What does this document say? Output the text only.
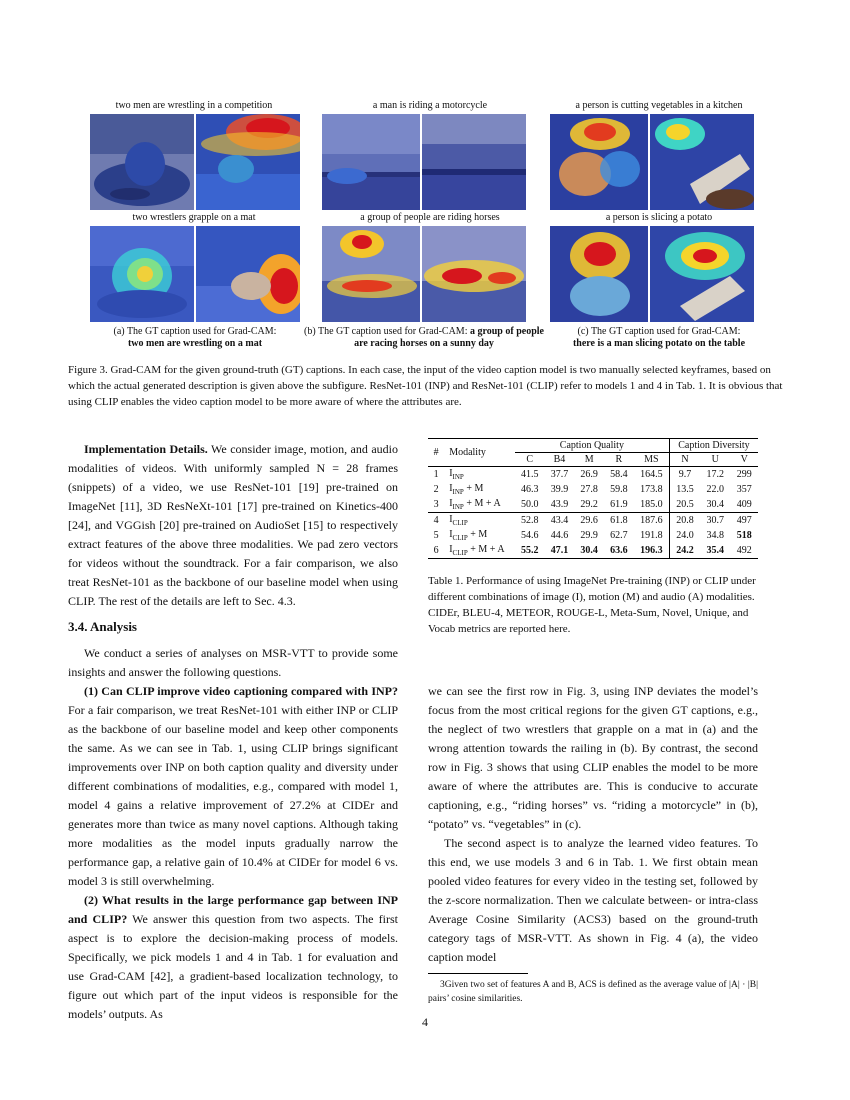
two men are wrestling in a competition	a man is riding a motorcycle	a person is cutting vegetables in a kitchen
two wrestlers grapple on a mat	a group of people are riding horses	a person is slicing a potato
(a) The GT caption used for Grad-CAM:
two men are wrestling on a mat
(b) The GT caption used for Grad-CAM: a group of people are racing horses on a sunny day
(c) The GT caption used for Grad-CAM:
there is a man slicing potato on the table
Figure 3. Grad-CAM for the given ground-truth (GT) captions. In each case, the input of the video caption model is two manually selected keyframes, based on which the actual generated description is given above the subfigure. ResNet-101 (INP) and ResNet-101 (CLIP) refer to models 1 and 4 in Tab. 1. It is obvious that using CLIP enables the video caption model to be more aware of where the attributes are.

Implementation Details. We consider image, motion, and audio modalities of videos. With uniformly sampled N = 28 frames (snippets) of a video, we use ResNet-101 [19] pre-trained on ImageNet [11], 3D ResNeXt-101 [17] pre-trained on Kinetics-400 [24], and VGGish [20] pre-trained on AudioSet [15] to respectively extract features of the above three modalities. We pad zero vectors for videos without the soundtrack. For a fair comparison, we also treat ResNet-101 as the backbone of our baseline model when using CLIP. The rest of the details are left to Sec. 4.3.

3.4. Analysis

We conduct a series of analyses on MSR-VTT to provide some insights and answer the following questions.

(1) Can CLIP improve video captioning compared with INP? For a fair comparison, we treat ResNet-101 with either INP or CLIP as the backbone of our baseline model and keep other components the same. As we can see in Tab. 1, using CLIP brings significant improvements over INP on both caption quality and diversity under different combinations of modalities, e.g., compared with model 1, model 4 gains a relative improvement of 27.2% at CIDEr and generates more than twice as many novel captions. Although taking more modalities as the model inputs gradually narrow the performance gap, a relative gain of 10.4% at CIDEr for model 6 vs. model 3 is still overwhelming.

(2) What results in the large performance gap between INP and CLIP? We answer this question from two aspects. The first aspect is to explore the decision-making process of models. Specifically, we pick models 1 and 4 in Tab. 1 for evaluation and use Grad-CAM [42], a gradient-based localization technology, to figure out which part of the input videos is responsible for the models’ outputs. As

#	Modality	Caption Quality					Caption Diversity		
		C	B4	M	R	MS	N	U	V
1	$I_{INP}$	41.5	37.7	26.9	58.4	164.5	9.7	17.2	299
2	$I_{INP} + M$	46.3	39.9	27.8	59.8	173.8	13.5	22.0	357
3	$I_{INP} + M + A$	50.0	43.9	29.2	61.9	185.0	20.5	30.4	409
4	$I_{CLIP}$	52.8	43.4	29.6	61.8	187.6	20.8	30.7	497
5	$I_{CLIP} + M$	54.6	44.6	29.9	62.7	191.8	24.0	34.8	518
6	$I_{CLIP} + M + A$	55.2	47.1	30.4	63.6	196.3	24.2	35.4	492
Table 1. Performance of using ImageNet Pre-training (INP) or CLIP under different combinations of image (I), motion (M) and audio (A) modalities. CIDEr, BLEU-4, METEOR, ROUGE-L, Meta-Sum, Novel, Unique, and Vocab metrics are reported here.

we can see the first row in Fig. 3, using INP deviates the model’s focus from the most critical regions for the given GT captions, e.g., the neglect of two wrestlers that grapple on a mat in (a) and the wrong attention towards the railing in (b). By contrast, the second row in Fig. 3 shows that using CLIP enables the model to be more aware of where the attributes are. This is conducive to accurate captioning, e.g., “riding horses” vs. “riding a motorcycle” in (b), “potato” vs. “vegetables” in (c).

The second aspect is to analyze the learned video features. To this end, we use models 3 and 6 in Tab. 1. We first obtain mean pooled video features for every video in the testing set, followed by the z-score normalization. Then we calculate between- or intra-class Average Cosine Similarity (ACS3) based on the ground-truth category tags of MSR-VTT. As shown in Fig. 4 (a), the video caption model

3Given two set of features A and B, ACS is defined as the average value of |A| · |B| pairs’ cosine similarities.
4
